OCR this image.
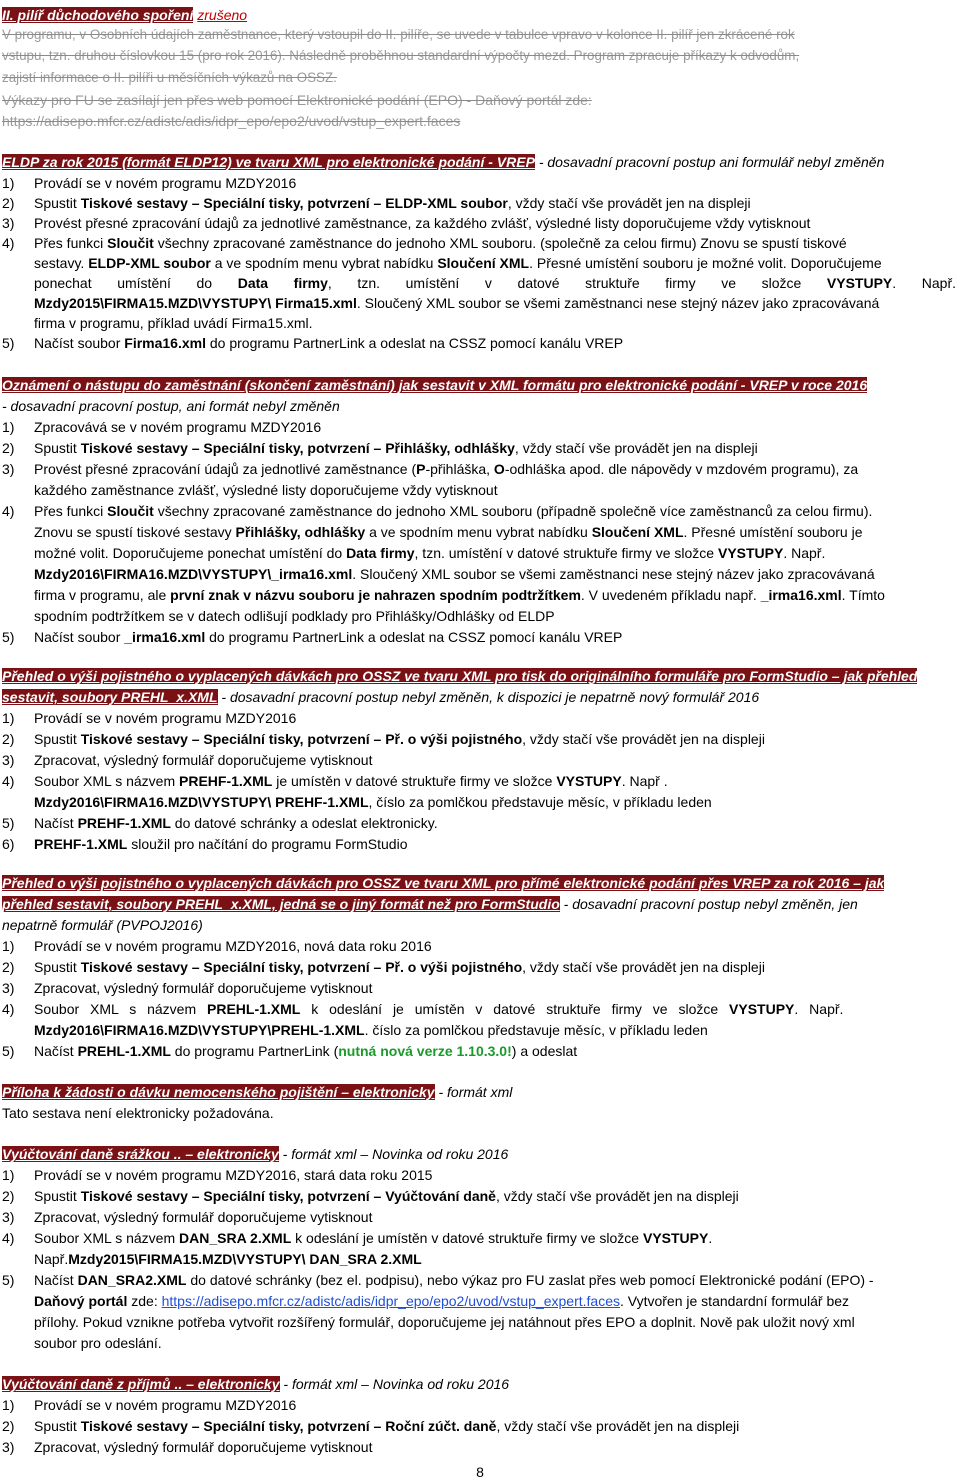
II. pilíř důchodového spoření zrušeno
V programu, v Osobních údajích zaměstnance, který vstoupil do II. pilíře, se uvede v tabulce vpravo v kolonce II. pilíř jen zkrácené rok
vstupu, tzn. druhou číslovkou 15 (pro rok 2016). Následně proběhnou standardní výpočty mezd. Program zpracuje příkazy k odvodům,
zajistí informace o II. pilíři u měsíčních výkazů na OSSZ.
Výkazy pro FU se zasílají jen přes web pomocí Elektronické podání (EPO) - Daňový portál zde:
https://adisepo.mfcr.cz/adistc/adis/idpr_epo/epo2/uvod/vstup_expert.faces
ELDP za rok 2015 (formát ELDP12) ve tvaru XML pro elektronické podání - VREP - dosavadní pracovní postup ani formulář nebyl změněn
1) Provádí se v novém programu MZDY2016
2) Spustit Tiskové sestavy – Speciální tisky, potvrzení – ELDP-XML soubor, vždy stačí vše provádět jen na displeji
3) Provést přesné zpracování údajů za jednotlivé zaměstnance, za každého zvlášť, výsledné listy doporučujeme vždy vytisknout
4) Přes funkci Sloučit všechny zpracované zaměstnance do jednoho XML souboru. (společně za celou firmu) Znovu se spustí tiskové
sestavy. ELDP-XML soubor a ve spodním menu vybrat nabídku Sloučení XML. Přesné umístění souboru je možné volit. Doporučujeme
ponechat umístění do Data firmy, tzn. umístění v datové struktuře firmy ve složce VYSTUPY. Např.
Mzdy2015\FIRMA15.MZD\VYSTUPY\ Firma15.xml. Sloučený XML soubor se všemi zaměstnanci nese stejný název jako zpracovávaná
firma v programu, příklad uvádí Firma15.xml.
5) Načíst soubor Firma16.xml do programu PartnerLink a odeslat na CSSZ pomocí kanálu VREP
Oznámení o nástupu do zaměstnání (skončení zaměstnání) jak sestavit v XML formátu pro elektronické podání - VREP v roce 2016
- dosavadní pracovní postup, ani formát nebyl změněn
1) Zpracovává se v novém programu MZDY2016
2) Spustit Tiskové sestavy – Speciální tisky, potvrzení – Přihlášky, odhlášky, vždy stačí vše provádět jen na displeji
3) Provést přesné zpracování údajů za jednotlivé zaměstnance (P-přihláška, O-odhláška apod. dle nápovědy v mzdovém programu), za
každého zaměstnance zvlášť, výsledné listy doporučujeme vždy vytisknout
4) Přes funkci Sloučit všechny zpracované zaměstnance do jednoho XML souboru (případně společně více zaměstnanců za celou firmu).
Znovu se spustí tiskové sestavy Přihlášky, odhlášky a ve spodním menu vybrat nabídku Sloučení XML. Přesné umístění souboru je
možné volit. Doporučujeme ponechat umístění do Data firmy, tzn. umístění v datové struktuře firmy ve složce VYSTUPY. Např.
Mzdy2016\FIRMA16.MZD\VYSTUPY\_irma16.xml. Sloučený XML soubor se všemi zaměstnanci nese stejný název jako zpracovávaná
firma v programu, ale první znak v názvu souboru je nahrazen spodním podtržítkem. V uvedeném příkladu např. _irma16.xml. Tímto
spodním podtržítkem se v datech odlišují podklady pro Přihlášky/Odhlášky od ELDP
5) Načíst soubor _irma16.xml do programu PartnerLink a odeslat na CSSZ pomocí kanálu VREP
Přehled o výši pojistného o vyplacených dávkách pro OSSZ ve tvaru XML pro tisk do originálního formuláře pro FormStudio – jak přehled
sestavit, soubory PREHL_x.XML - dosavadní pracovní postup nebyl změněn, k dispozici je nepatrně nový formulář 2016
1) Provádí se v novém programu MZDY2016
2) Spustit Tiskové sestavy – Speciální tisky, potvrzení – Př. o výši pojistného, vždy stačí vše provádět jen na displeji
3) Zpracovat, výsledný formulář doporučujeme vytisknout
4) Soubor XML s názvem PREHF-1.XML je umístěn v datové struktuře firmy ve složce VYSTUPY. Např .
Mzdy2016\FIRMA16.MZD\VYSTUPY\ PREHF-1.XML, číslo za pomlčkou představuje měsíc, v příkladu leden
5) Načíst PREHF-1.XML do datové schránky a odeslat elektronicky.
6) PREHF-1.XML sloužil pro načítání do programu FormStudio
Přehled o výši pojistného o vyplacených dávkách pro OSSZ ve tvaru XML pro přímé elektronické podání přes VREP za rok 2016 – jak
přehled sestavit, soubory PREHL_x.XML, jedná se o jiný formát než pro FormStudio - dosavadní pracovní postup nebyl změněn, jen
nepatrně formulář (PVPOJ2016)
1) Provádí se v novém programu MZDY2016, nová data roku 2016
2) Spustit Tiskové sestavy – Speciální tisky, potvrzení – Př. o výši pojistného, vždy stačí vše provádět jen na displeji
3) Zpracovat, výsledný formulář doporučujeme vytisknout
4) Soubor XML s názvem PREHL-1.XML k odeslání je umístěn v datové struktuře firmy ve složce VYSTUPY. Např.
Mzdy2016\FIRMA16.MZD\VYSTUPY\PREHL-1.XML. číslo za pomlčkou představuje měsíc, v příkladu leden
5) Načíst PREHL-1.XML do programu PartnerLink (nutná nová verze 1.10.3.0!) a odeslat
Příloha k žádosti o dávku nemocenského pojištění – elektronicky - formát xml
Tato sestava není elektronicky požadována.
Vyúčtování daně srážkou .. – elektronicky - formát xml – Novinka od roku 2016
1) Provádí se v novém programu MZDY2016, stará data roku 2015
2) Spustit Tiskové sestavy – Speciální tisky, potvrzení – Vyúčtování daně, vždy stačí vše provádět jen na displeji
3) Zpracovat, výsledný formulář doporučujeme vytisknout
4) Soubor XML s názvem DAN_SRA 2.XML k odeslání je umístěn v datové struktuře firmy ve složce VYSTUPY.
Např.Mzdy2015\FIRMA15.MZD\VYSTUPY\ DAN_SRA 2.XML
5) Načíst DAN_SRA2.XML do datové schránky (bez el. podpisu), nebo výkaz pro FU zaslat přes web pomocí Elektronické podání (EPO) -
Daňový portál zde: https://adisepo.mfcr.cz/adistc/adis/idpr_epo/epo2/uvod/vstup_expert.faces. Vytvořen je standardní formulář bez
přílohy. Pokud vznikne potřeba vytvořit rozšířený formulář, doporučujeme jej natáhnout přes EPO a doplnit. Nově pak uložit nový xml
soubor pro odeslání.
Vyúčtování daně z příjmů .. – elektronicky - formát xml – Novinka od roku 2016
1) Provádí se v novém programu MZDY2016
2) Spustit Tiskové sestavy – Speciální tisky, potvrzení – Roční zúčt. daně, vždy stačí vše provádět jen na displeji
3) Zpracovat, výsledný formulář doporučujeme vytisknout
8
